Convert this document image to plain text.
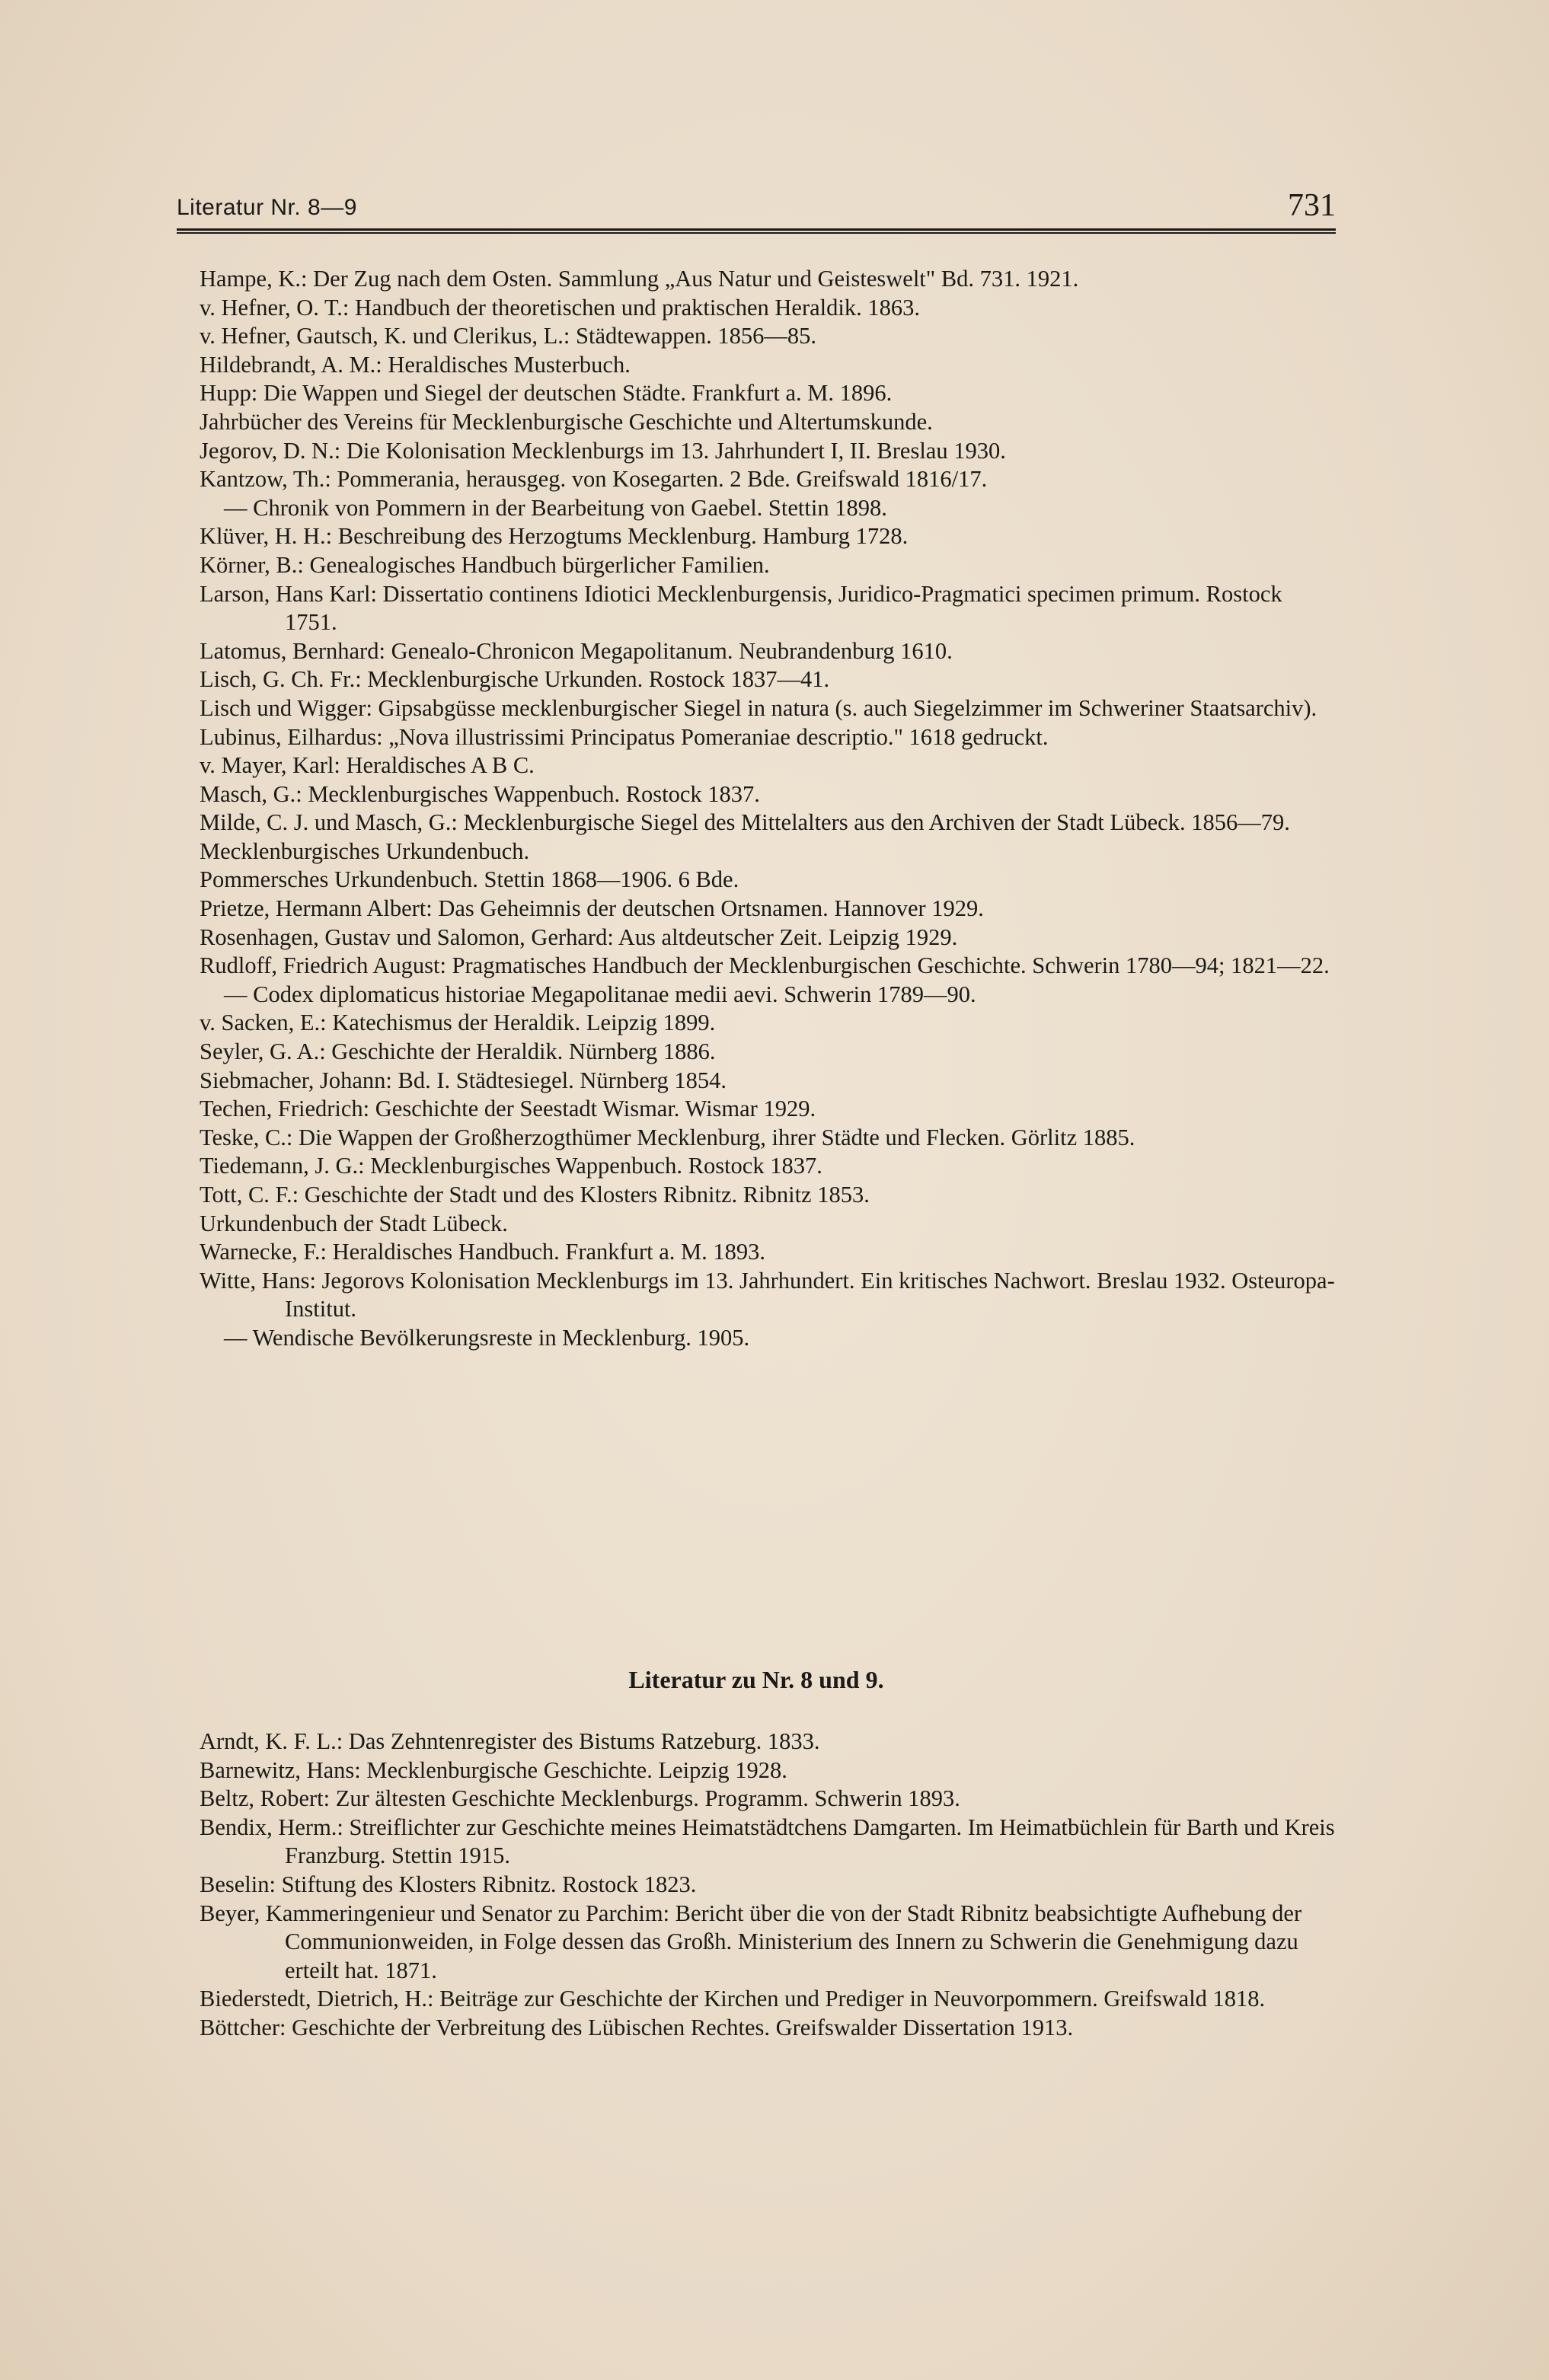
Literatur Nr. 8—9	731
Hampe, K.: Der Zug nach dem Osten. Sammlung „Aus Natur und Geisteswelt" Bd. 731. 1921.
v. Hefner, O. T.: Handbuch der theoretischen und praktischen Heraldik. 1863.
v. Hefner, Gautsch, K. und Clerikus, L.: Städtewappen. 1856—85.
Hildebrandt, A. M.: Heraldisches Musterbuch.
Hupp: Die Wappen und Siegel der deutschen Städte. Frankfurt a. M. 1896.
Jahrbücher des Vereins für Mecklenburgische Geschichte und Altertumskunde.
Jegorov, D. N.: Die Kolonisation Mecklenburgs im 13. Jahrhundert I, II. Breslau 1930.
Kantzow, Th.: Pommerania, herausgeg. von Kosegarten. 2 Bde. Greifswald 1816/17.
— Chronik von Pommern in der Bearbeitung von Gaebel. Stettin 1898.
Klüver, H. H.: Beschreibung des Herzogtums Mecklenburg. Hamburg 1728.
Körner, B.: Genealogisches Handbuch bürgerlicher Familien.
Larson, Hans Karl: Dissertatio continens Idiotici Mecklenburgensis, Juridico-Pragmatici specimen primum. Rostock 1751.
Latomus, Bernhard: Genealo-Chronicon Megapolitanum. Neubrandenburg 1610.
Lisch, G. Ch. Fr.: Mecklenburgische Urkunden. Rostock 1837—41.
Lisch und Wigger: Gipsabgüsse mecklenburgischer Siegel in natura (s. auch Siegelzimmer im Schweriner Staatsarchiv).
Lubinus, Eilhardus: „Nova illustrissimi Principatus Pomeraniae descriptio." 1618 gedruckt.
v. Mayer, Karl: Heraldisches A B C.
Masch, G.: Mecklenburgisches Wappenbuch. Rostock 1837.
Milde, C. J. und Masch, G.: Mecklenburgische Siegel des Mittelalters aus den Archiven der Stadt Lübeck. 1856—79.
Mecklenburgisches Urkundenbuch.
Pommersches Urkundenbuch. Stettin 1868—1906. 6 Bde.
Prietze, Hermann Albert: Das Geheimnis der deutschen Ortsnamen. Hannover 1929.
Rosenhagen, Gustav und Salomon, Gerhard: Aus altdeutscher Zeit. Leipzig 1929.
Rudloff, Friedrich August: Pragmatisches Handbuch der Mecklenburgischen Geschichte. Schwerin 1780—94; 1821—22.
— Codex diplomaticus historiae Megapolitanae medii aevi. Schwerin 1789—90.
v. Sacken, E.: Katechismus der Heraldik. Leipzig 1899.
Seyler, G. A.: Geschichte der Heraldik. Nürnberg 1886.
Siebmacher, Johann: Bd. I. Städtesiegel. Nürnberg 1854.
Techen, Friedrich: Geschichte der Seestadt Wismar. Wismar 1929.
Teske, C.: Die Wappen der Großherzogthümer Mecklenburg, ihrer Städte und Flecken. Görlitz 1885.
Tiedemann, J. G.: Mecklenburgisches Wappenbuch. Rostock 1837.
Tott, C. F.: Geschichte der Stadt und des Klosters Ribnitz. Ribnitz 1853.
Urkundenbuch der Stadt Lübeck.
Warnecke, F.: Heraldisches Handbuch. Frankfurt a. M. 1893.
Witte, Hans: Jegorovs Kolonisation Mecklenburgs im 13. Jahrhundert. Ein kritisches Nachwort. Breslau 1932. Osteuropa-Institut.
— Wendische Bevölkerungsreste in Mecklenburg. 1905.
Literatur zu Nr. 8 und 9.
Arndt, K. F. L.: Das Zehntenregister des Bistums Ratzeburg. 1833.
Barnewitz, Hans: Mecklenburgische Geschichte. Leipzig 1928.
Beltz, Robert: Zur ältesten Geschichte Mecklenburgs. Programm. Schwerin 1893.
Bendix, Herm.: Streiflichter zur Geschichte meines Heimatstädtchens Damgarten. Im Heimatbüchlein für Barth und Kreis Franzburg. Stettin 1915.
Beselin: Stiftung des Klosters Ribnitz. Rostock 1823.
Beyer, Kammeringenieur und Senator zu Parchim: Bericht über die von der Stadt Ribnitz beabsichtigte Aufhebung der Communionweiden, in Folge dessen das Großh. Ministerium des Innern zu Schwerin die Genehmigung dazu erteilt hat. 1871.
Biederstedt, Dietrich, H.: Beiträge zur Geschichte der Kirchen und Prediger in Neuvorpommern. Greifswald 1818.
Böttcher: Geschichte der Verbreitung des Lübischen Rechtes. Greifswalder Dissertation 1913.
